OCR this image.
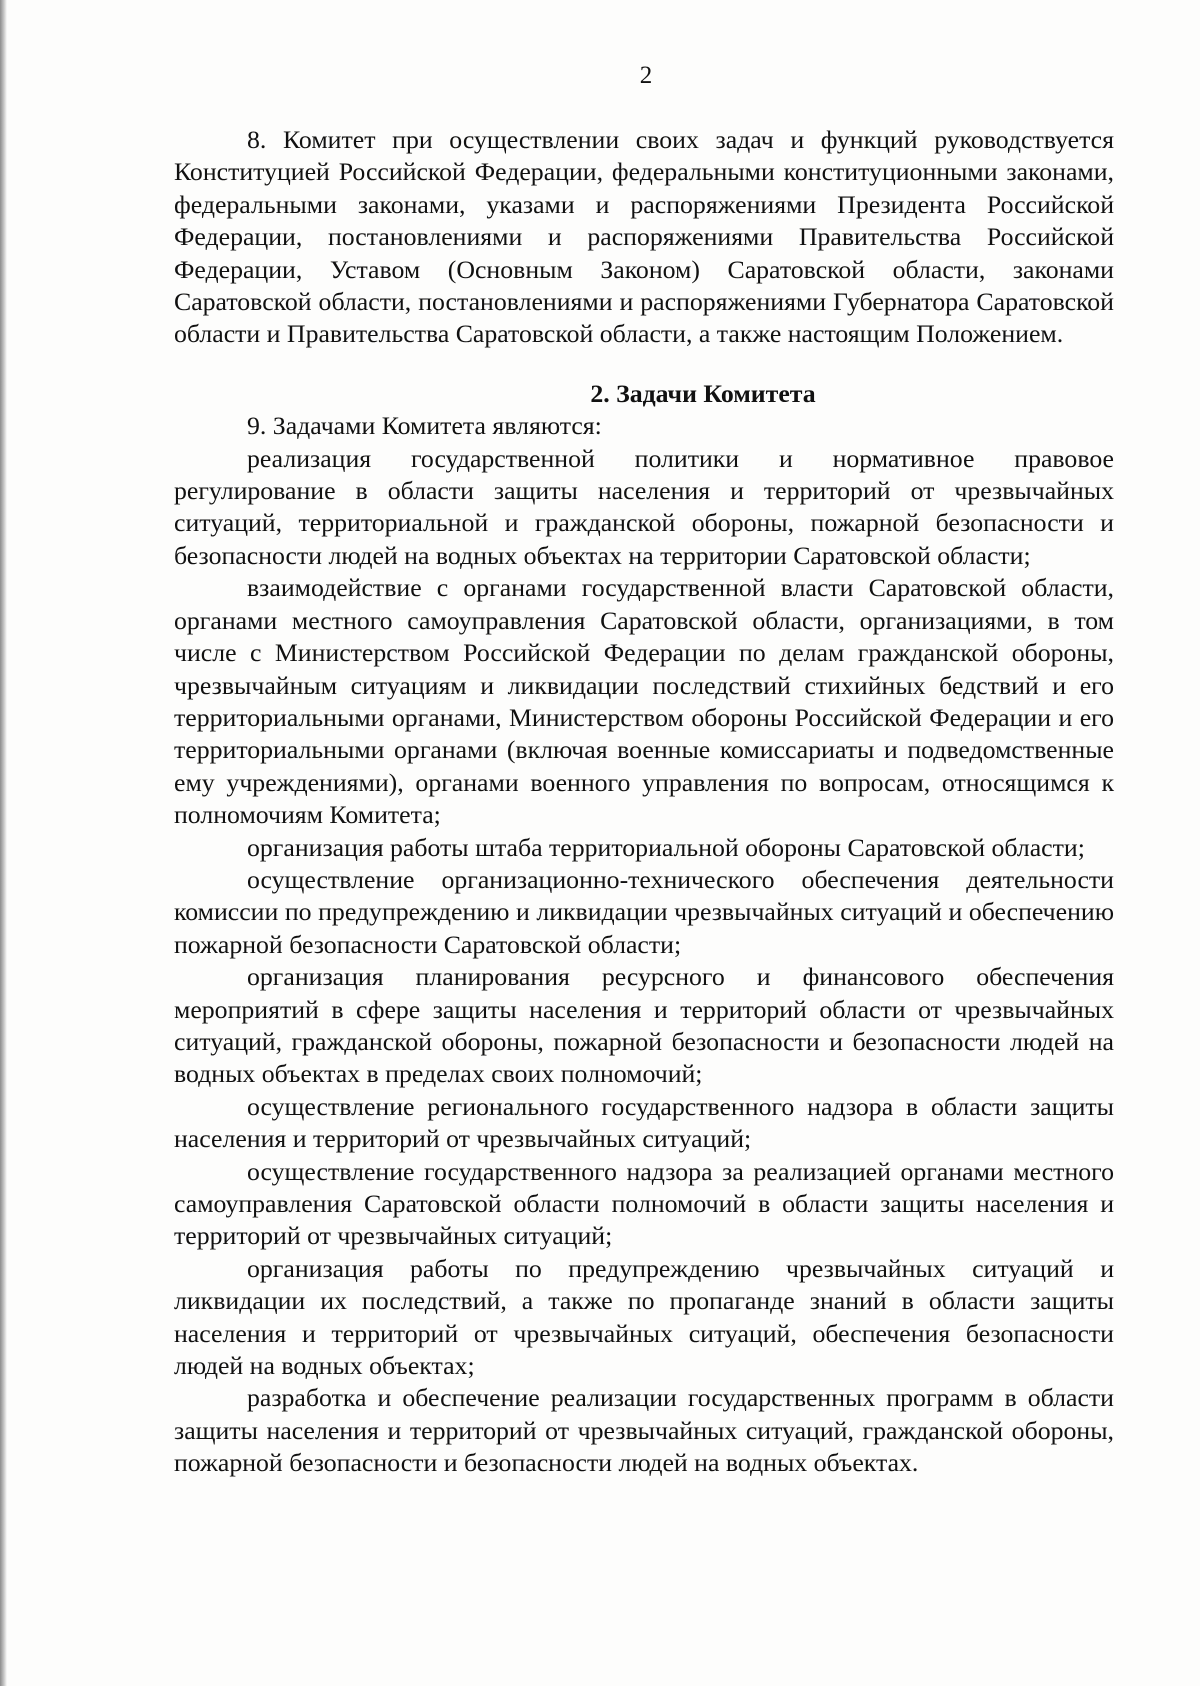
2

8. Комитет при осуществлении своих задач и функций руководствуется Конституцией Российской Федерации, федеральными конституционными законами, федеральными законами, указами и распоряжениями Президента Российской Федерации, постановлениями и распоряжениями Правительства Российской Федерации, Уставом (Основным Законом) Саратовской области, законами Саратовской области, постановлениями и распоряжениями Губернатора Саратовской области и Правительства Саратовской области, а также настоящим Положением.

2. Задачи Комитета

9. Задачами Комитета являются:

реализация государственной политики и нормативное правовое регулирование в области защиты населения и территорий от чрезвычайных ситуаций, территориальной и гражданской обороны, пожарной безопасности и безопасности людей на водных объектах на территории Саратовской области;

взаимодействие с органами государственной власти Саратовской области, органами местного самоуправления Саратовской области, организациями, в том числе с Министерством Российской Федерации по делам гражданской обороны, чрезвычайным ситуациям и ликвидации последствий стихийных бедствий и его территориальными органами, Министерством обороны Российской Федерации и его территориальными органами (включая военные комиссариаты и подведомственные ему учреждениями), органами военного управления по вопросам, относящимся к полномочиям Комитета;

организация работы штаба территориальной обороны Саратовской области;

осуществление организационно-технического обеспечения деятельности комиссии по предупреждению и ликвидации чрезвычайных ситуаций и обеспечению пожарной безопасности Саратовской области;

организация планирования ресурсного и финансового обеспечения мероприятий в сфере защиты населения и территорий области от чрезвычайных ситуаций, гражданской обороны, пожарной безопасности и безопасности людей на водных объектах в пределах своих полномочий;

осуществление регионального государственного надзора в области защиты населения и территорий от чрезвычайных ситуаций;

осуществление государственного надзора за реализацией органами местного самоуправления Саратовской области полномочий в области защиты населения и территорий от чрезвычайных ситуаций;

организация работы по предупреждению чрезвычайных ситуаций и ликвидации их последствий, а также по пропаганде знаний в области защиты населения и территорий от чрезвычайных ситуаций, обеспечения безопасности людей на водных объектах;

разработка и обеспечение реализации государственных программ в области защиты населения и территорий от чрезвычайных ситуаций, гражданской обороны, пожарной безопасности и безопасности людей на водных объектах.
